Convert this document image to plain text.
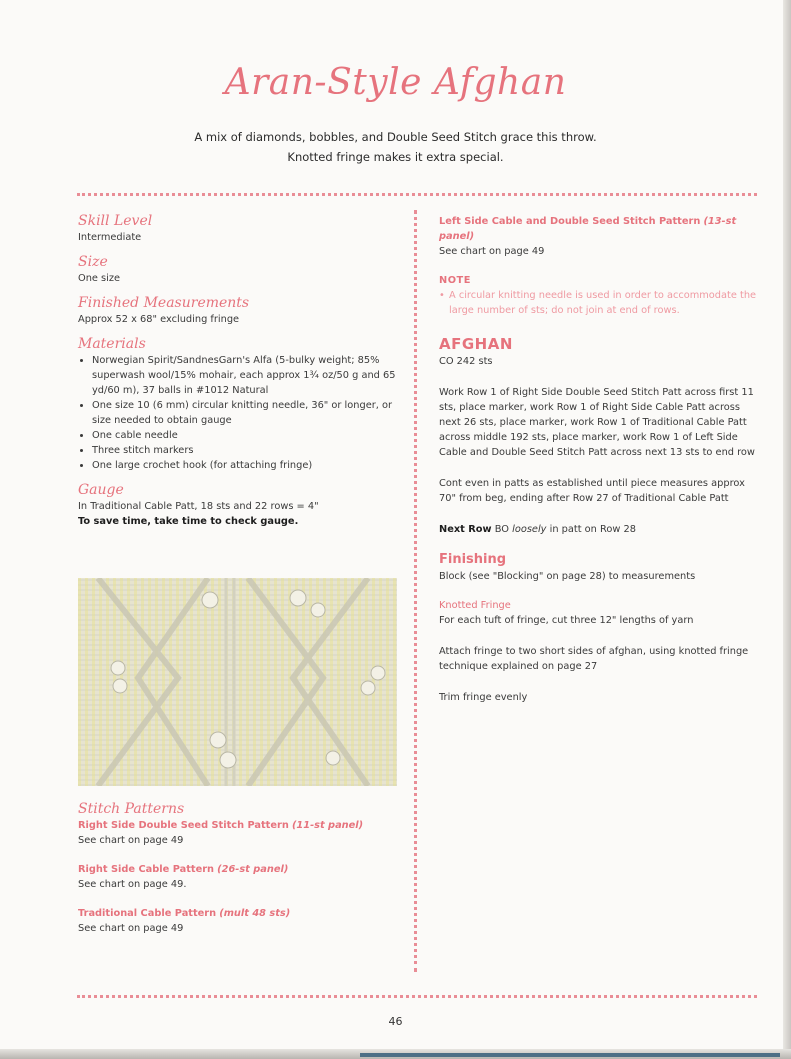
Aran-Style Afghan
A mix of diamonds, bobbles, and Double Seed Stitch grace this throw.
Knotted fringe makes it extra special.
Skill Level
Intermediate
Size
One size
Finished Measurements
Approx 52 x 68" excluding fringe
Materials
• Norwegian Spirit/SandnesGarn's Alfa (5-bulky weight; 85% superwash wool/15% mohair, each approx 1¾ oz/50 g and 65 yd/60 m), 37 balls in #1012 Natural
• One size 10 (6 mm) circular knitting needle, 36" or longer, or size needed to obtain gauge
• One cable needle
• Three stitch markers
• One large crochet hook (for attaching fringe)
Gauge
In Traditional Cable Patt, 18 sts and 22 rows = 4"
To save time, take time to check gauge.
Stitch Patterns
Right Side Double Seed Stitch Pattern (11-st panel)
See chart on page 49
Right Side Cable Pattern (26-st panel)
See chart on page 49.
Traditional Cable Pattern (mult 48 sts)
See chart on page 49
Left Side Cable and Double Seed Stitch Pattern (13-st panel)
See chart on page 49
NOTE
• A circular knitting needle is used in order to accommodate the large number of sts; do not join at end of rows.
AFGHAN
CO 242 sts
Work Row 1 of Right Side Double Seed Stitch Patt across first 11 sts, place marker, work Row 1 of Right Side Cable Patt across next 26 sts, place marker, work Row 1 of Traditional Cable Patt across middle 192 sts, place marker, work Row 1 of Left Side Cable and Double Seed Stitch Patt across next 13 sts to end row
Cont even in patts as established until piece measures approx 70" from beg, ending after Row 27 of Traditional Cable Patt
Next Row BO loosely in patt on Row 28
Finishing
Block (see "Blocking" on page 28) to measurements
Knotted Fringe
For each tuft of fringe, cut three 12" lengths of yarn
Attach fringe to two short sides of afghan, using knotted fringe technique explained on page 27
Trim fringe evenly
46
